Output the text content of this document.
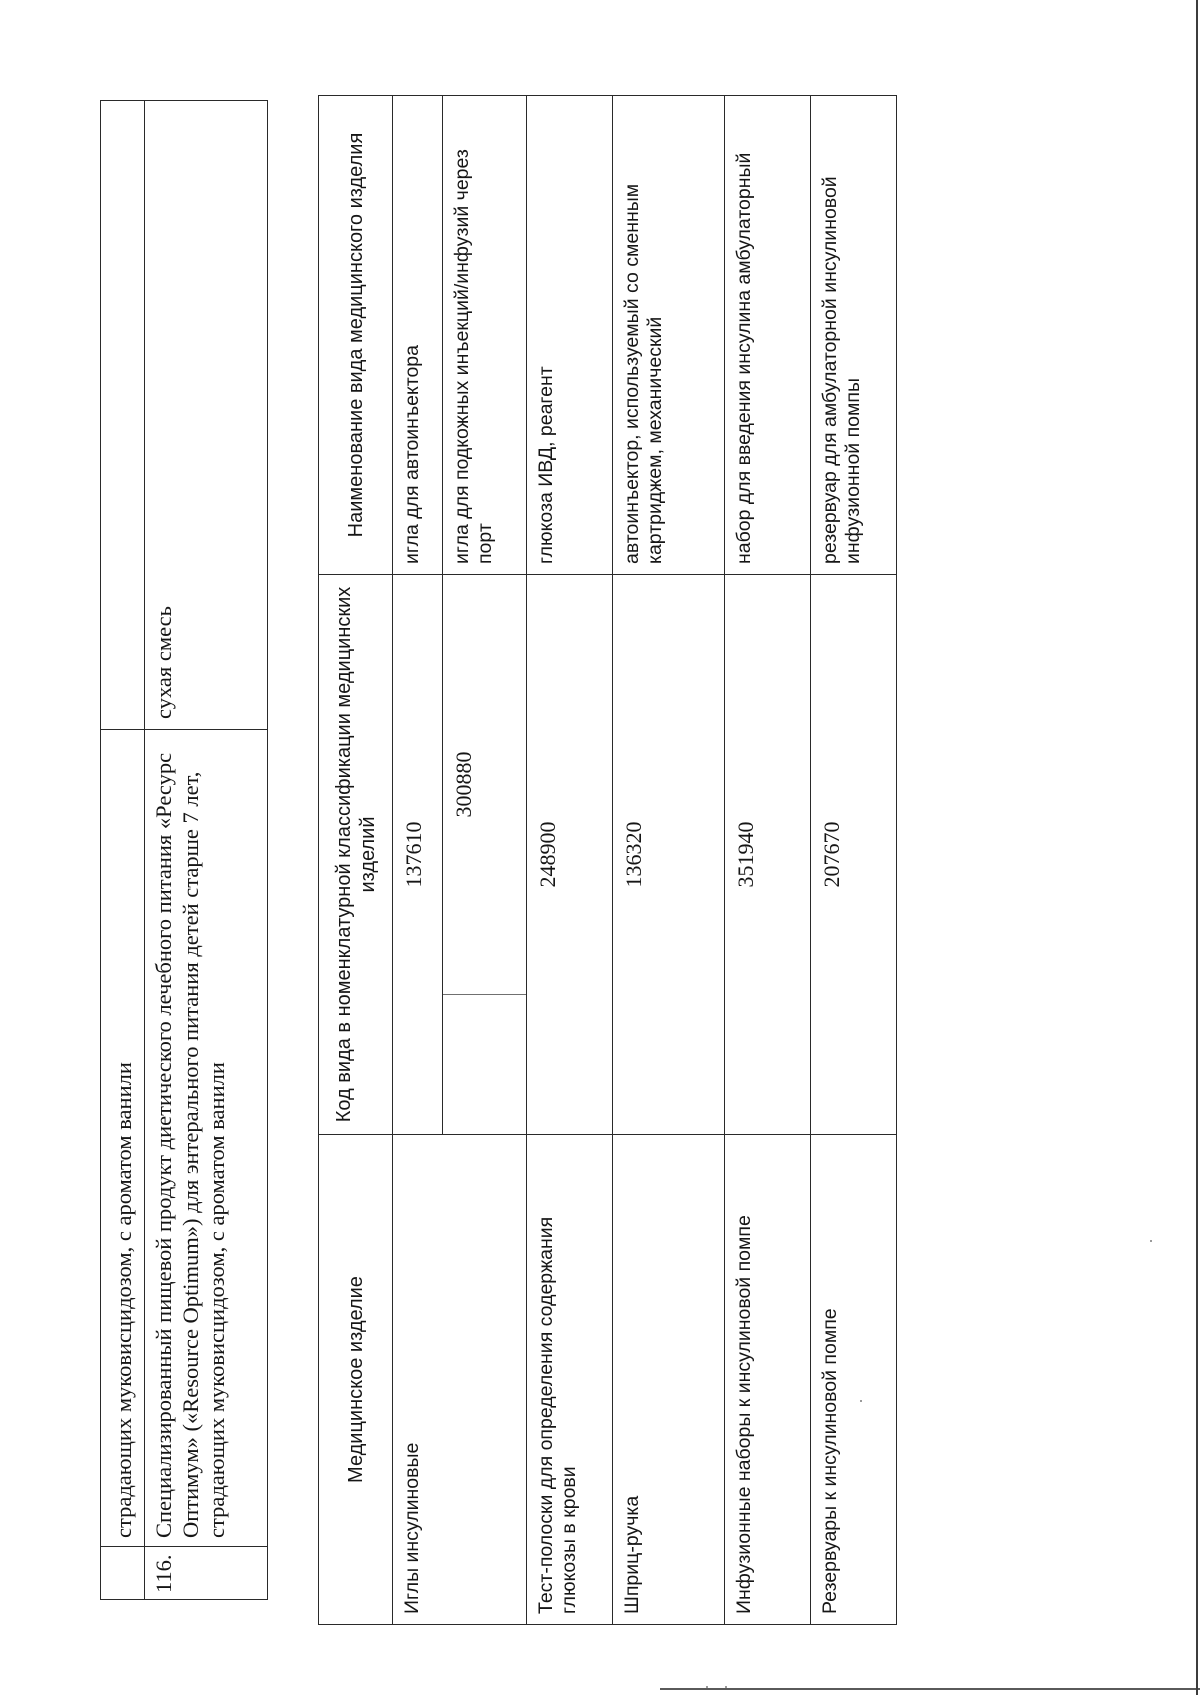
	страдающих муковисцидозом, с ароматом ванили	
116.	Специализированный пищевой продукт диетического лечебного питания «Ресурс Оптимум» («Resource Optimum») для энтерального питания детей старше 7 лет, страдающих муковисцидозом, с ароматом ванили	сухая смесь
Медицинское изделие	Код вида в номенклатурной классификации медицинских изделий		Наименование вида медицинского изделия
Иглы инсулиновые	137610		игла для автоинъектора
		300880	игла для подкожных инъекций/инфузий через порт
Тест-полоски для определения содержания глюкозы в крови	248900		глюкоза ИВД, реагент
Шприц-ручка	136320		автоинъектор, используемый со сменным картриджем, механический
Инфузионные наборы к инсулиновой помпе	351940		набор для введения инсулина амбулаторный
Резервуары к инсулиновой помпе	207670		резервуар для амбулаторной инсулиновой инфузионной помпы
